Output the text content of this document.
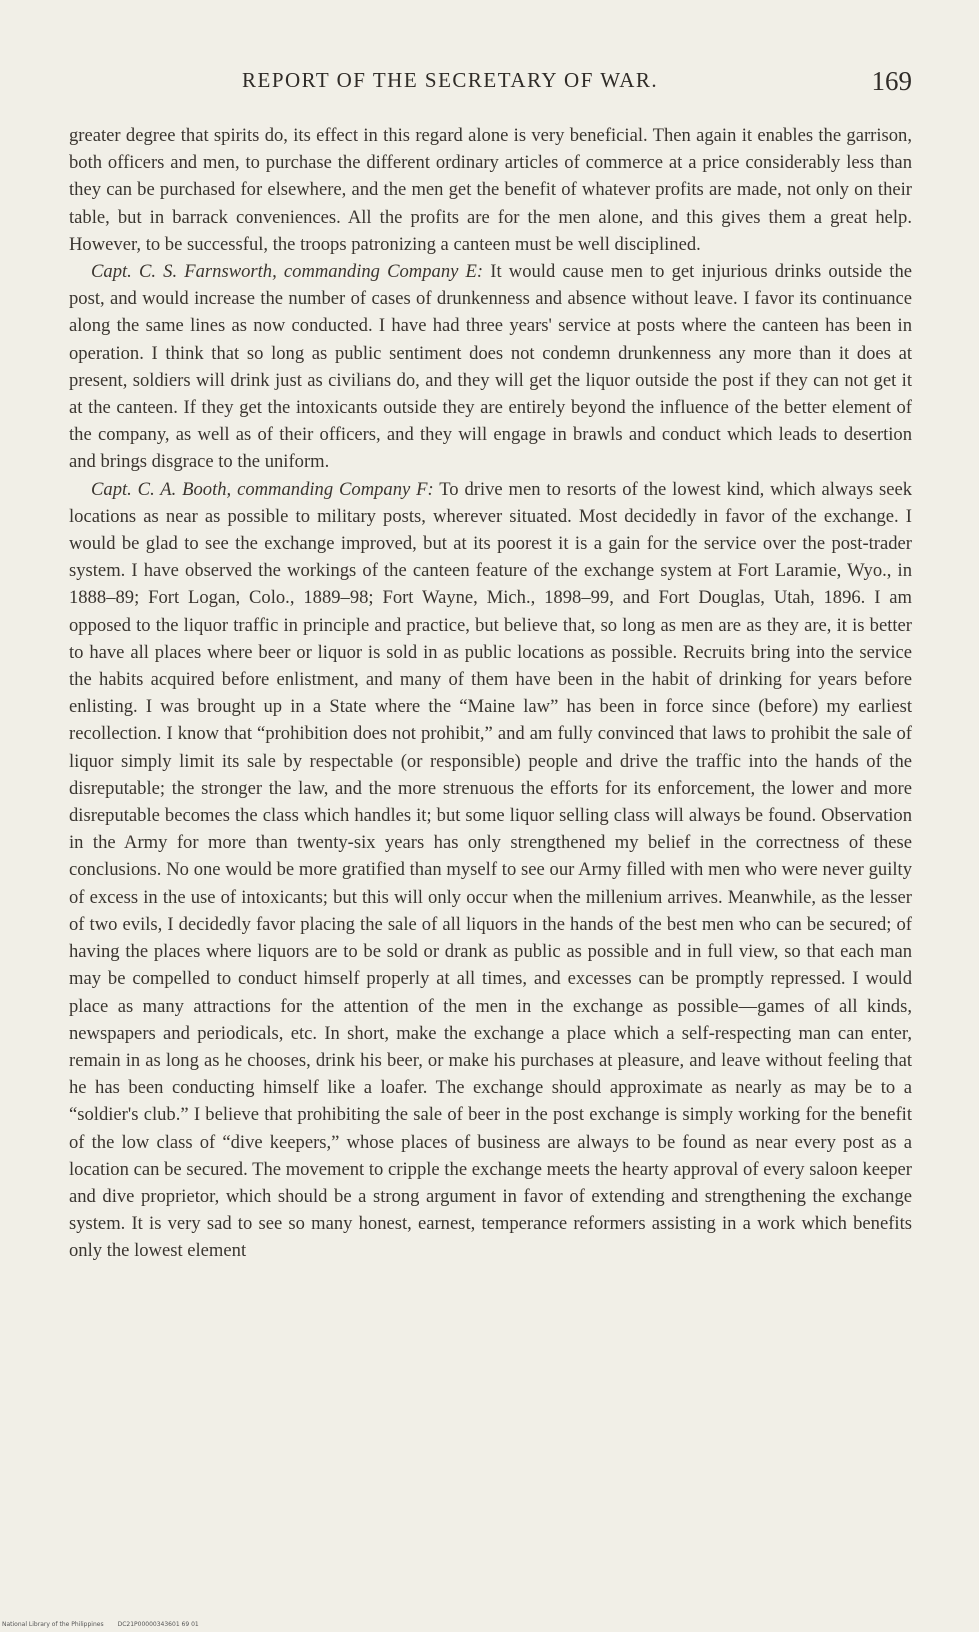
REPORT OF THE SECRETARY OF WAR.	169

greater degree that spirits do, its effect in this regard alone is very beneficial. Then again it enables the garrison, both officers and men, to purchase the different ordinary articles of commerce at a price considerably less than they can be purchased for elsewhere, and the men get the benefit of whatever profits are made, not only on their table, but in barrack conveniences. All the profits are for the men alone, and this gives them a great help. However, to be successful, the troops patronizing a canteen must be well disciplined.

Capt. C. S. Farnsworth, commanding Company E: It would cause men to get injurious drinks outside the post, and would increase the number of cases of drunkenness and absence without leave. I favor its continuance along the same lines as now conducted. I have had three years' service at posts where the canteen has been in operation. I think that so long as public sentiment does not condemn drunkenness any more than it does at present, soldiers will drink just as civilians do, and they will get the liquor outside the post if they can not get it at the canteen. If they get the intoxicants outside they are entirely beyond the influence of the better element of the company, as well as of their officers, and they will engage in brawls and conduct which leads to desertion and brings disgrace to the uniform.

Capt. C. A. Booth, commanding Company F: To drive men to resorts of the lowest kind, which always seek locations as near as possible to military posts, wherever situated. Most decidedly in favor of the exchange. I would be glad to see the exchange improved, but at its poorest it is a gain for the service over the post-trader system. I have observed the workings of the canteen feature of the exchange system at Fort Laramie, Wyo., in 1888–89; Fort Logan, Colo., 1889–98; Fort Wayne, Mich., 1898–99, and Fort Douglas, Utah, 1896. I am opposed to the liquor traffic in principle and practice, but believe that, so long as men are as they are, it is better to have all places where beer or liquor is sold in as public locations as possible. Recruits bring into the service the habits acquired before enlistment, and many of them have been in the habit of drinking for years before enlisting. I was brought up in a State where the “Maine law” has been in force since (before) my earliest recollection. I know that “prohibition does not prohibit,” and am fully convinced that laws to prohibit the sale of liquor simply limit its sale by respectable (or responsible) people and drive the traffic into the hands of the disreputable; the stronger the law, and the more strenuous the efforts for its enforcement, the lower and more disreputable becomes the class which handles it; but some liquor selling class will always be found. Observation in the Army for more than twenty-six years has only strengthened my belief in the correctness of these conclusions. No one would be more gratified than myself to see our Army filled with men who were never guilty of excess in the use of intoxicants; but this will only occur when the millenium arrives. Meanwhile, as the lesser of two evils, I decidedly favor placing the sale of all liquors in the hands of the best men who can be secured; of having the places where liquors are to be sold or drank as public as possible and in full view, so that each man may be compelled to conduct himself properly at all times, and excesses can be promptly repressed. I would place as many attractions for the attention of the men in the exchange as possible—games of all kinds, newspapers and periodicals, etc. In short, make the exchange a place which a self-respecting man can enter, remain in as long as he chooses, drink his beer, or make his purchases at pleasure, and leave without feeling that he has been conducting himself like a loafer. The exchange should approximate as nearly as may be to a “soldier's club.” I believe that prohibiting the sale of beer in the post exchange is simply working for the benefit of the low class of “dive keepers,” whose places of business are always to be found as near every post as a location can be secured. The movement to cripple the exchange meets the hearty approval of every saloon keeper and dive proprietor, which should be a strong argument in favor of extending and strengthening the exchange system. It is very sad to see so many honest, earnest, temperance reformers assisting in a work which benefits only the lowest element

National Library of the Philippines DC21P00000343601 69 01
